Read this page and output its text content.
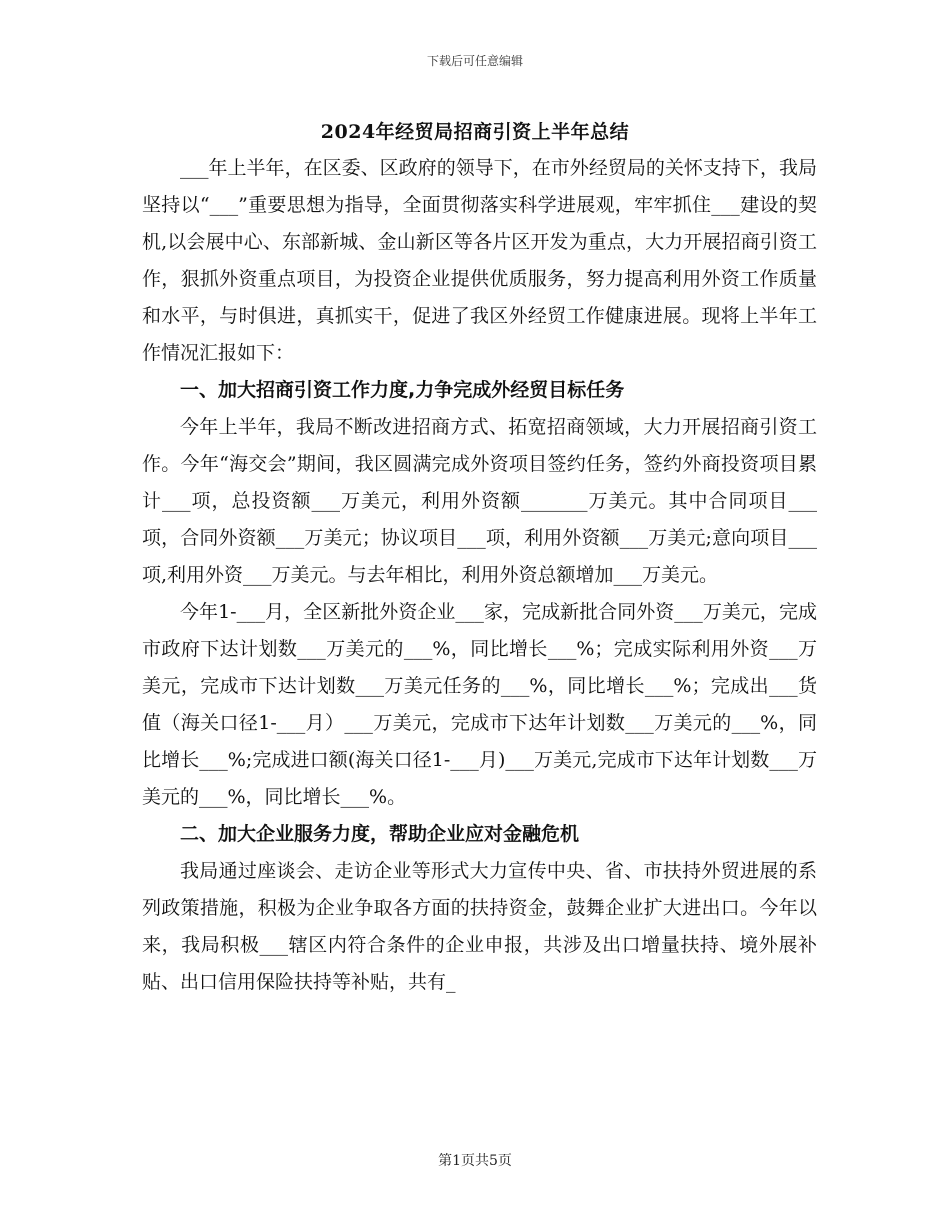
下载后可任意编辑
2024年经贸局招商引资上半年总结

___年上半年，在区委、区政府的领导下，在市外经贸局的关怀支持下，我局坚持以“___”重要思想为指导，全面贯彻落实科学进展观，牢牢抓住___建设的契机,以会展中心、东部新城、金山新区等各片区开发为重点，大力开展招商引资工作，狠抓外资重点项目，为投资企业提供优质服务，努力提高利用外资工作质量和水平，与时俱进，真抓实干，促进了我区外经贸工作健康进展。现将上半年工作情况汇报如下：

一、加大招商引资工作力度,力争完成外经贸目标任务

今年上半年，我局不断改进招商方式、拓宽招商领域，大力开展招商引资工作。今年“海交会”期间，我区圆满完成外资项目签约任务，签约外商投资项目累计___项，总投资额___万美元，利用外资额_______万美元。其中合同项目___项，合同外资额___万美元；协议项目___项，利用外资额___万美元;意向项目___项,利用外资___万美元。与去年相比，利用外资总额增加___万美元。

今年1-___月，全区新批外资企业___家，完成新批合同外资___万美元，完成市政府下达计划数___万美元的___%，同比增长___%；完成实际利用外资___万美元，完成市下达计划数___万美元任务的___%，同比增长___%；完成出___货值（海关口径1-___月）___万美元，完成市下达年计划数___万美元的___%，同比增长___%;完成进口额(海关口径1-___月)___万美元,完成市下达年计划数___万美元的___%，同比增长___%。

二、加大企业服务力度，帮助企业应对金融危机

我局通过座谈会、走访企业等形式大力宣传中央、省、市扶持外贸进展的系列政策措施，积极为企业争取各方面的扶持资金，鼓舞企业扩大进出口。今年以来，我局积极___辖区内符合条件的企业申报，共涉及出口增量扶持、境外展补贴、出口信用保险扶持等补贴，共有_

第1页共5页
